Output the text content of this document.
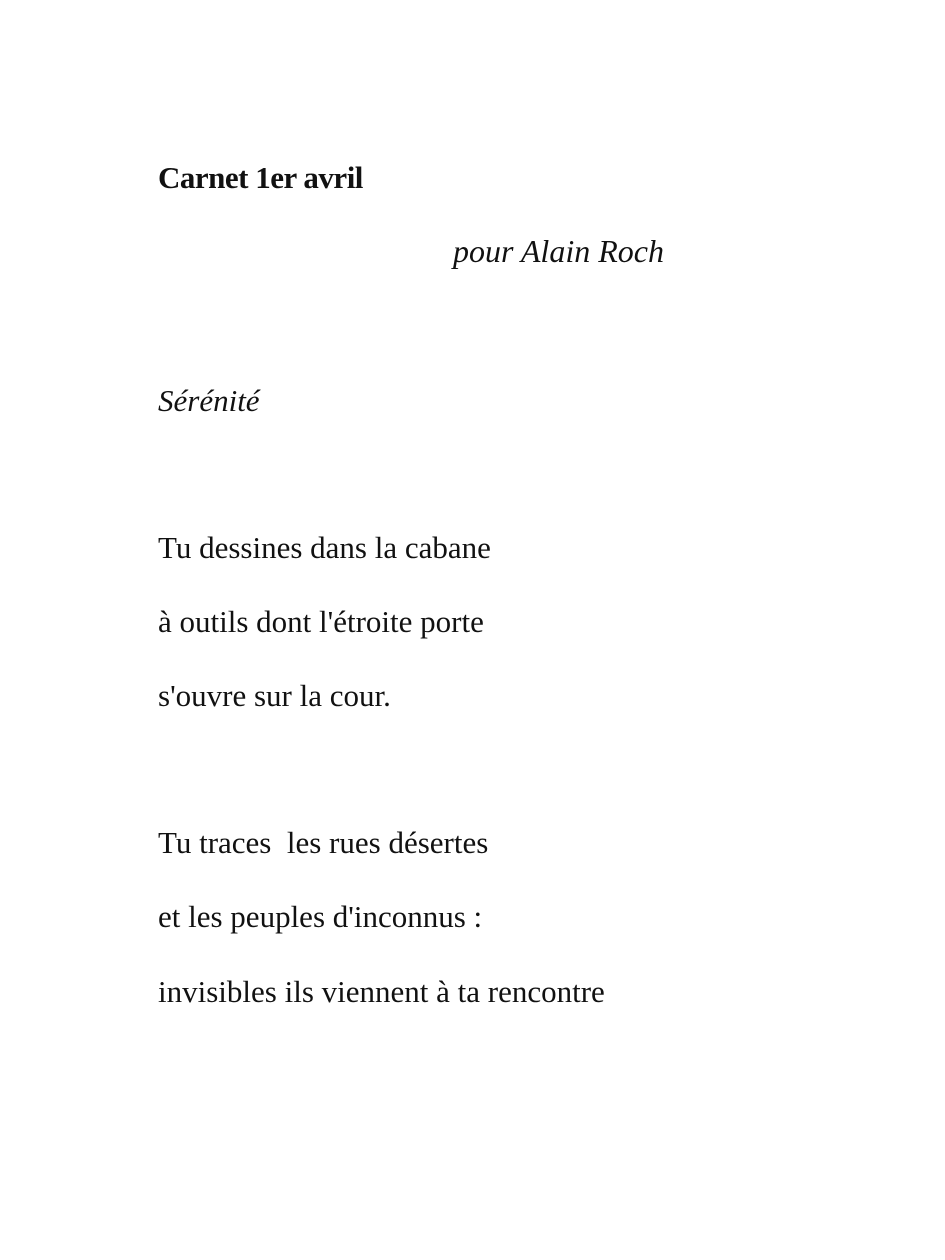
Carnet 1er avril
pour Alain Roch
Sérénité
Tu dessines dans la cabane
à outils dont l'étroite porte
s'ouvre sur la cour.
Tu traces  les rues désertes
et les peuples d'inconnus :
invisibles ils viennent à ta rencontre
